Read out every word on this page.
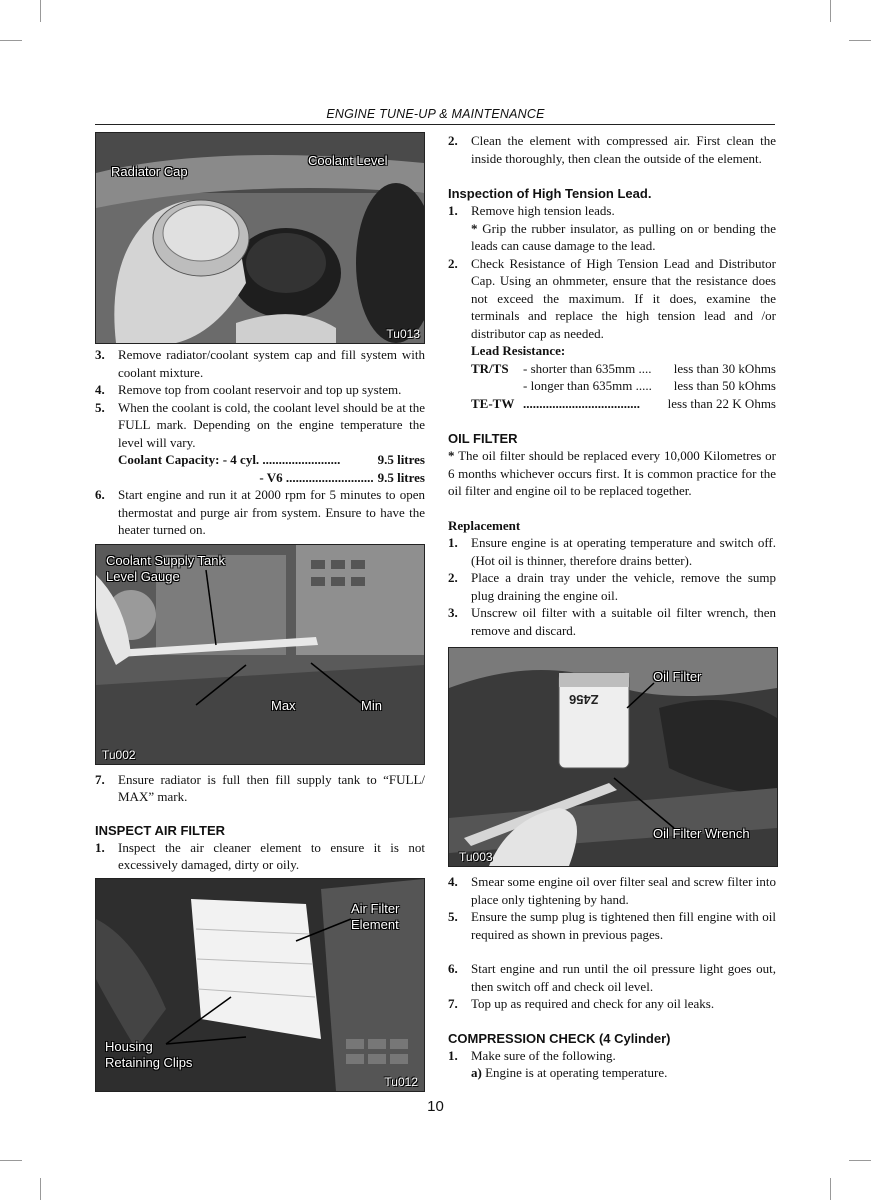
ENGINE TUNE-UP & MAINTENANCE
Radiator Cap
Coolant Level
Tu013
3.	Remove radiator/coolant system cap and fill system with coolant mixture.
4.	Remove top from coolant reservoir and top up system.
5.	When the coolant is cold, the coolant level should be at the FULL mark. Depending on the engine temperature the level will vary.
Coolant Capacity: - 4 cyl. ........................	9.5 litres
- V6 ........................... 9.5 litres
6.	Start engine and run it at 2000 rpm for 5 minutes to open thermostat and purge air from system. Ensure to have the heater turned on.
Coolant Supply Tank
Level Gauge
Max	Min
Tu002
7.	Ensure radiator is full then fill supply tank to “FULL/ MAX” mark.
INSPECT AIR FILTER
1.	Inspect the air cleaner element to ensure it is not excessively damaged, dirty or oily.
Air Filter
Element
Housing
Retaining Clips
Tu012
2.	Clean the element with compressed air. First clean the inside thoroughly, then clean the outside of the element.
Inspection of High Tension Lead.
1.	Remove high tension leads.
* Grip the rubber insulator, as pulling on or bending the leads can cause damage to the lead.
2.	Check Resistance of High Tension Lead and Distributor Cap. Using an ohmmeter, ensure that the resistance does not exceed the maximum. If it does, examine the terminals and replace the high tension lead and /or distributor cap as needed.
Lead Resistance:
TR/TS	- shorter than 635mm ....	less than 30 kOhms
- longer than 635mm .....	less than 50 kOhms
TE-TW ....................................	less than 22 K Ohms
OIL FILTER
* The oil filter should be replaced every 10,000 Kilometres or 6 months whichever occurs first. It is common practice for the oil filter and engine oil to be replaced together.
Replacement
1.	Ensure engine is at operating temperature and switch off. (Hot oil is thinner, therefore drains better).
2.	Place a drain tray under the vehicle, remove the sump plug draining the engine oil.
3.	Unscrew oil filter with a suitable oil filter wrench, then remove and discard.
Z456
Oil Filter
Oil Filter Wrench
Tu003
4.	Smear some engine oil over filter seal and screw filter into place only tightening by hand.
5.	Ensure the sump plug is tightened then fill engine with oil required as shown in previous pages.
6.	Start engine and run until the oil pressure light goes out, then switch off and check oil level.
7.	Top up as required and check for any oil leaks.
COMPRESSION CHECK (4 Cylinder)
1.	Make sure of the following.
a) Engine is at operating temperature.
10
